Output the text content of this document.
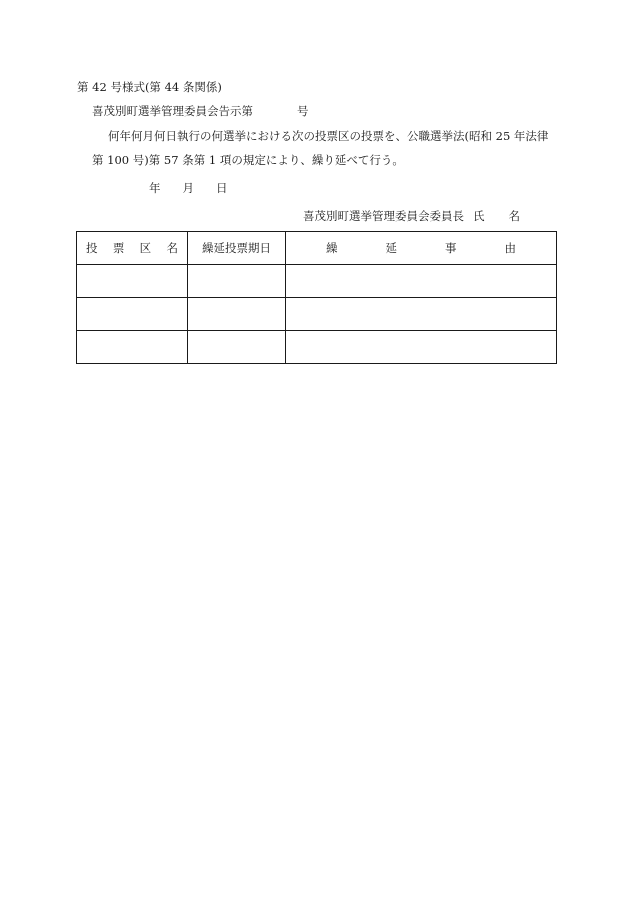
第 42 号様式(第 44 条関係)
喜茂別町選挙管理委員会告示第	号
何年何月何日執行の何選挙における次の投票区の投票を、公職選挙法(昭和 25 年法律
第 100 号)第 57 条第 1 項の規定により、繰り延べて行う。
年 月 日
喜茂別町選挙管理委員会委員長 氏 名
投 票 区 名	繰延投票期日	繰 延 事 由
